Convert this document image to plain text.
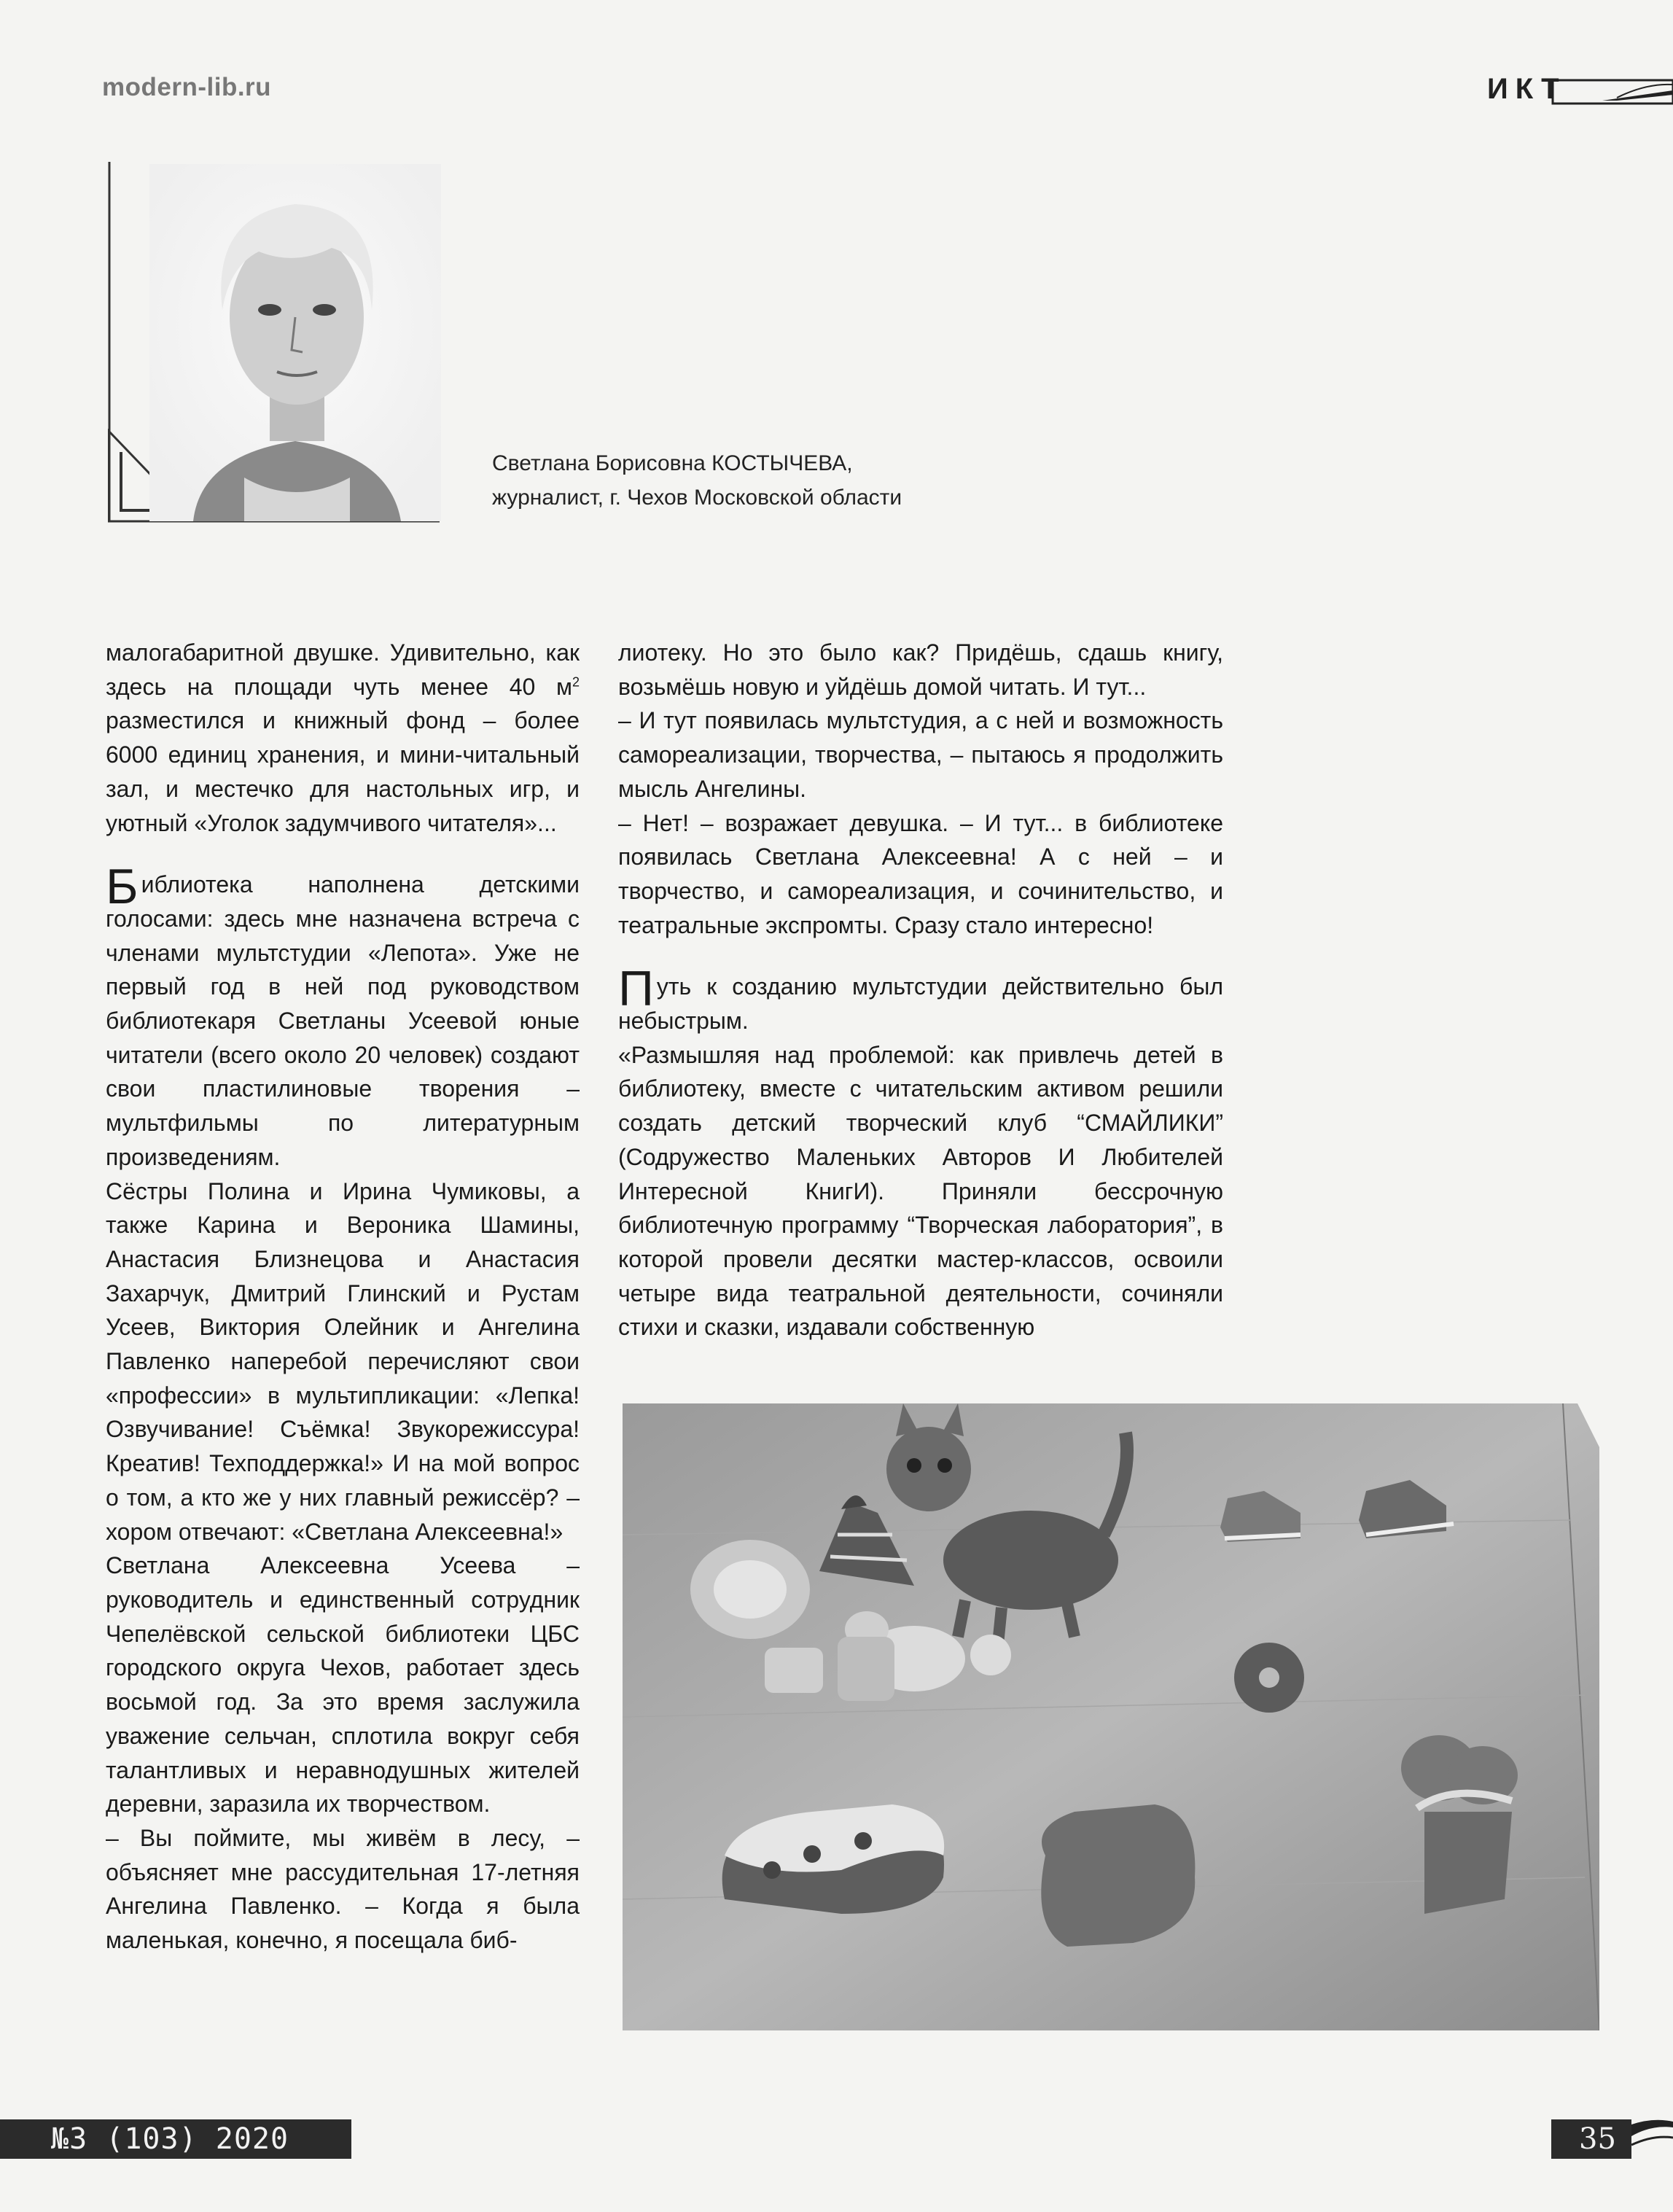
modern-lib.ru	ИКТ
Светлана Борисовна КОСТЫЧЕВА,
журналист, г. Чехов Московской области

малогабаритной двушке. Удивительно, как здесь на площади чуть менее 40 $м^2$ разместился и книжный фонд – более 6000 единиц хранения, и мини-читальный зал, и местечко для настольных игр, и уютный «Уголок задумчивого читателя»...

Библиотека наполнена детскими голосами: здесь мне назначена встреча с членами мультстудии «Лепота». Уже не первый год в ней под руководством библиотекаря Светланы Усеевой юные читатели (всего около 20 человек) создают свои пластилиновые творения – мультфильмы по литературным произведениям.

Сёстры Полина и Ирина Чумиковы, а также Карина и Вероника Шамины, Анастасия Близнецова и Анастасия Захарчук, Дмитрий Глинский и Рустам Усеев, Виктория Олейник и Ангелина Павленко наперебой перечисляют свои «профессии» в мультипликации: «Лепка! Озвучивание! Съёмка! Звукорежиссура! Креатив! Техподдержка!» И на мой вопрос о том, а кто же у них главный режиссёр? – хором отвечают: «Светлана Алексеевна!»

Светлана Алексеевна Усеева – руководитель и единственный сотрудник Чепелёвской сельской библиотеки ЦБС городского округа Чехов, работает здесь восьмой год. За это время заслужила уважение сельчан, сплотила вокруг себя талантливых и неравнодушных жителей деревни, заразила их творчеством.

– Вы поймите, мы живём в лесу, – объясняет мне рассудительная 17-летняя Ангелина Павленко. – Когда я была маленькая, конечно, я посещала биб-

лиотеку. Но это было как? Придёшь, сдашь книгу, возьмёшь новую и уйдёшь домой читать. И тут...

– И тут появилась мультстудия, а с ней и возможность самореализации, творчества, – пытаюсь я продолжить мысль Ангелины.

– Нет! – возражает девушка. – И тут... в библиотеке появилась Светлана Алексеевна! А с ней – и творчество, и самореализация, и сочинительство, и театральные экспромты. Сразу стало интересно!

Путь к созданию мультстудии действительно был небыстрым.

«Размышляя над проблемой: как привлечь детей в библиотеку, вместе с читательским активом решили создать детский творческий клуб “СМАЙЛИКИ” (Содружество Маленьких Авторов И Любителей Интересной КнигИ). Приняли бессрочную библиотечную программу “Творческая лаборатория”, в которой провели десятки мастер-классов, освоили четыре вида театральной деятельности, сочиняли стихи и сказки, издавали собственную

№3 (103) 2020	35
